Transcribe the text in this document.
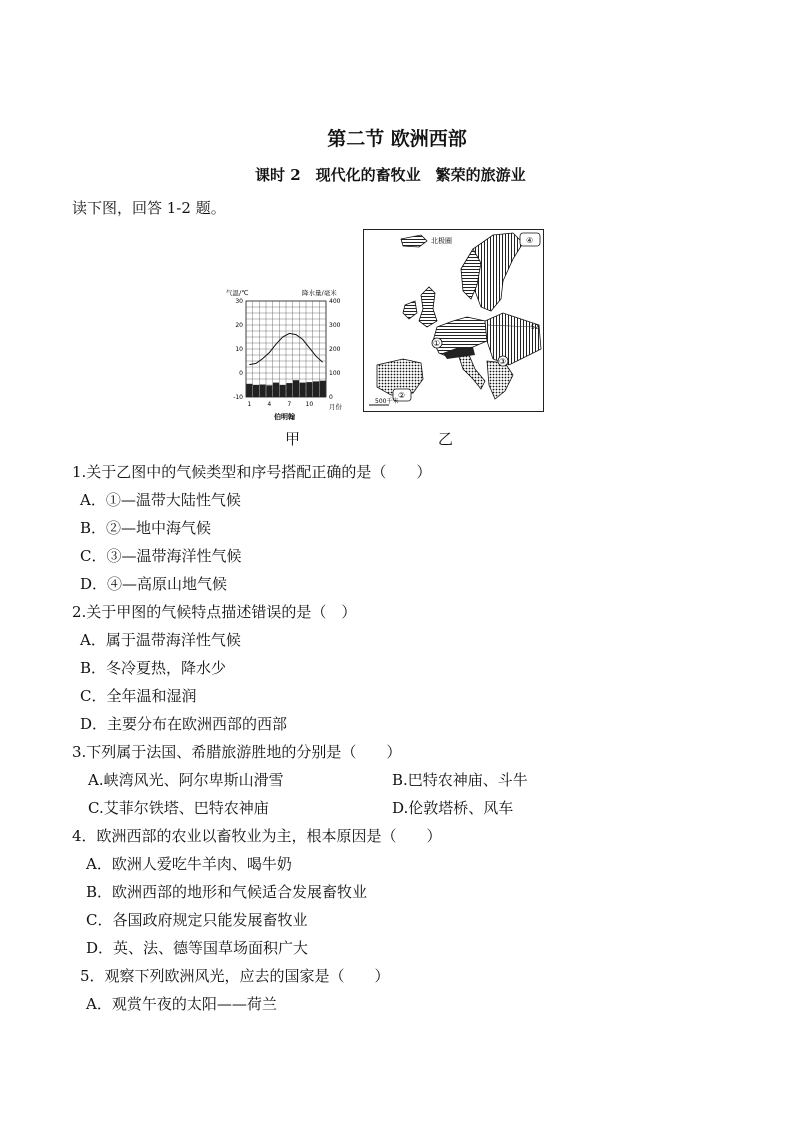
第二节 欧洲西部
课时 2　现代化的畜牧业　繁荣的旅游业
读下图，回答 1-2 题。
气温/℃	降水量/毫米
30
20
10
0
-10
400
300
200
100
0
1	4	7 10 月份
伯明翰
北极圈
52
①
②
③
④
500千米
甲	乙
1.关于乙图中的气候类型和序号搭配正确的是（　　）
A．①—温带大陆性气候
B．②—地中海气候
C．③—温带海洋性气候
D．④—高原山地气候
2.关于甲图的气候特点描述错误的是（　）
A．属于温带海洋性气候
B．冬冷夏热，降水少
C．全年温和湿润
D．主要分布在欧洲西部的西部
3.下列属于法国、希腊旅游胜地的分别是（　　）
A.峡湾风光、阿尔卑斯山滑雪	B.巴特农神庙、斗牛
C.艾菲尔铁塔、巴特农神庙	D.伦敦塔桥、风车
4．欧洲西部的农业以畜牧业为主，根本原因是（　　）
A．欧洲人爱吃牛羊肉、喝牛奶
B．欧洲西部的地形和气候适合发展畜牧业
C．各国政府规定只能发展畜牧业
D．英、法、德等国草场面积广大
5．观察下列欧洲风光，应去的国家是（　　）
A．观赏午夜的太阳——荷兰
